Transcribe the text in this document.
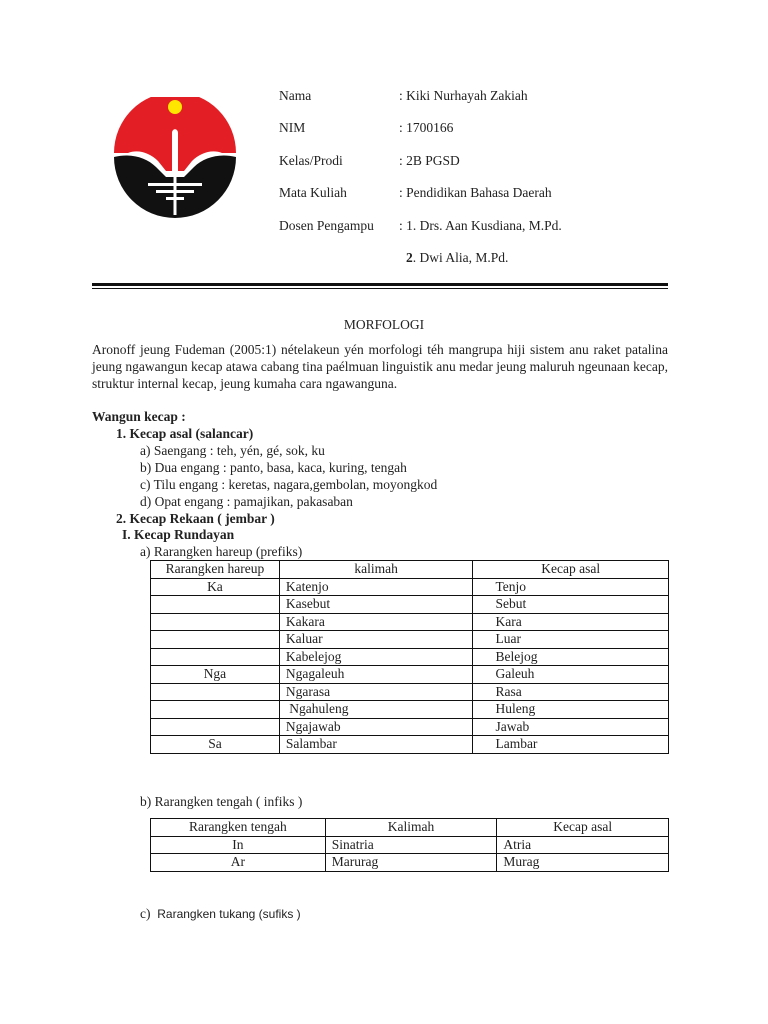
Nama	: Kiki Nurhayah Zakiah
NIM	: 1700166
Kelas/Prodi	: 2B PGSD
Mata Kuliah	: Pendidikan Bahasa Daerah
Dosen Pengampu : 1. Drs. Aan Kusdiana, M.Pd.
2. Dwi Alia, M.Pd.
MORFOLOGI
Aronoff jeung Fudeman (2005:1) nételakeun yén morfologi téh mangrupa hiji sistem anu raket patalina jeung ngawangun kecap atawa cabang tina paélmuan linguistik anu medar jeung maluruh ngeunaan kecap, struktur internal kecap, jeung kumaha cara ngawanguna.
Wangun kecap :
1. Kecap asal (salancar)
a) Saengang : teh, yén, gé, sok, ku
b) Dua engang : panto, basa, kaca, kuring, tengah
c) Tilu engang : keretas, nagara,gembolan, moyongkod
d) Opat engang : pamajikan, pakasaban
2. Kecap Rekaan ( jembar )
I. Kecap Rundayan
a) Rarangken hareup (prefiks)
Rarangken hareup	kalimah	Kecap asal
Ka	Katenjo	Tenjo
	Kasebut	Sebut
	Kakara	Kara
	Kaluar	Luar
	Kabelejog	Belejog
Nga	Ngagaleuh	Galeuh
	Ngarasa	Rasa
	Ngahuleng	Huleng
	Ngajawab	Jawab
Sa	Salambar	Lambar
b) Rarangken tengah ( infiks )
Rarangken tengah	Kalimah	Kecap asal
In	Sinatria	Atria
Ar	Marurag	Murag
c) Rarangken tukang (sufiks )
